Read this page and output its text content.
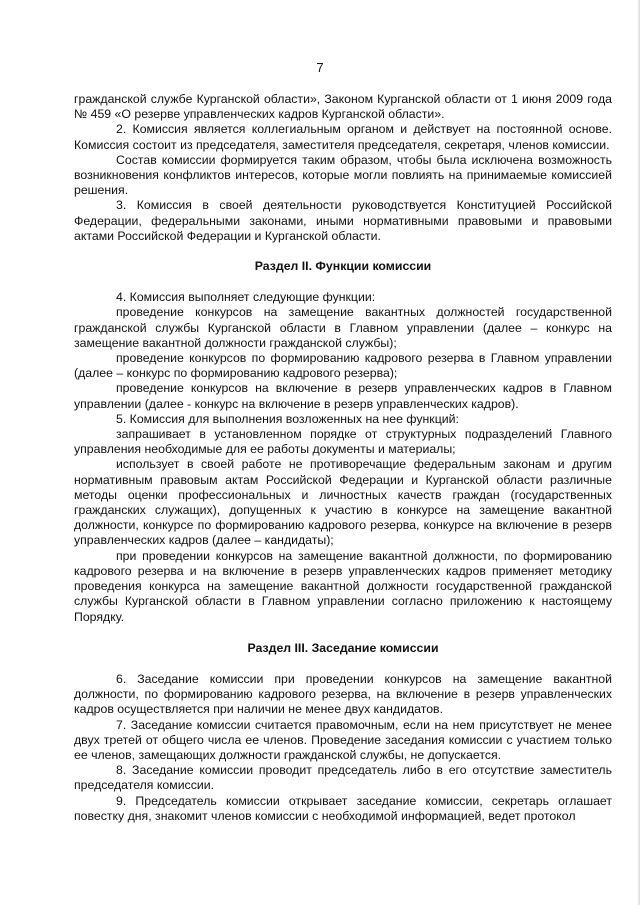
7

гражданской службе Курганской области», Законом Курганской области от 1 июня 2009 года № 459 «О резерве управленческих кадров Курганской области».

2. Комиссия является коллегиальным органом и действует на постоянной основе. Комиссия состоит из председателя, заместителя председателя, секретаря, членов комиссии.

Состав комиссии формируется таким образом, чтобы была исключена возможность возникновения конфликтов интересов, которые могли повлиять на принимаемые комиссией решения.

3. Комиссия в своей деятельности руководствуется Конституцией Российской Федерации, федеральными законами, иными нормативными правовыми и правовыми актами Российской Федерации и Курганской области.

Раздел II. Функции комиссии

4. Комиссия выполняет следующие функции:

проведение конкурсов на замещение вакантных должностей государственной гражданской службы Курганской области в Главном управлении (далее – конкурс на замещение вакантной должности гражданской службы);

проведение конкурсов по формированию кадрового резерва в Главном управлении (далее – конкурс по формированию кадрового резерва);

проведение конкурсов на включение в резерв управленческих кадров в Главном управлении (далее - конкурс на включение в резерв управленческих кадров).

5. Комиссия для выполнения возложенных на нее функций:

запрашивает в установленном порядке от структурных подразделений Главного управления необходимые для ее работы документы и материалы;

использует в своей работе не противоречащие федеральным законам и другим нормативным правовым актам Российской Федерации и Курганской области различные методы оценки профессиональных и личностных качеств граждан (государственных гражданских служащих), допущенных к участию в конкурсе на замещение вакантной должности, конкурсе по формированию кадрового резерва, конкурсе на включение в резерв управленческих кадров (далее – кандидаты);

при проведении конкурсов на замещение вакантной должности, по формированию кадрового резерва и на включение в резерв управленческих кадров применяет методику проведения конкурса на замещение вакантной должности государственной гражданской службы Курганской области в Главном управлении согласно приложению к настоящему Порядку.

Раздел III. Заседание комиссии

6. Заседание комиссии при проведении конкурсов на замещение вакантной должности, по формированию кадрового резерва, на включение в резерв управленческих кадров осуществляется при наличии не менее двух кандидатов.

7. Заседание комиссии считается правомочным, если на нем присутствует не менее двух третей от общего числа ее членов. Проведение заседания комиссии с участием только ее членов, замещающих должности гражданской службы, не допускается.

8. Заседание комиссии проводит председатель либо в его отсутствие заместитель председателя комиссии.

9. Председатель комиссии открывает заседание комиссии, секретарь оглашает повестку дня, знакомит членов комиссии с необходимой информацией, ведет протокол
